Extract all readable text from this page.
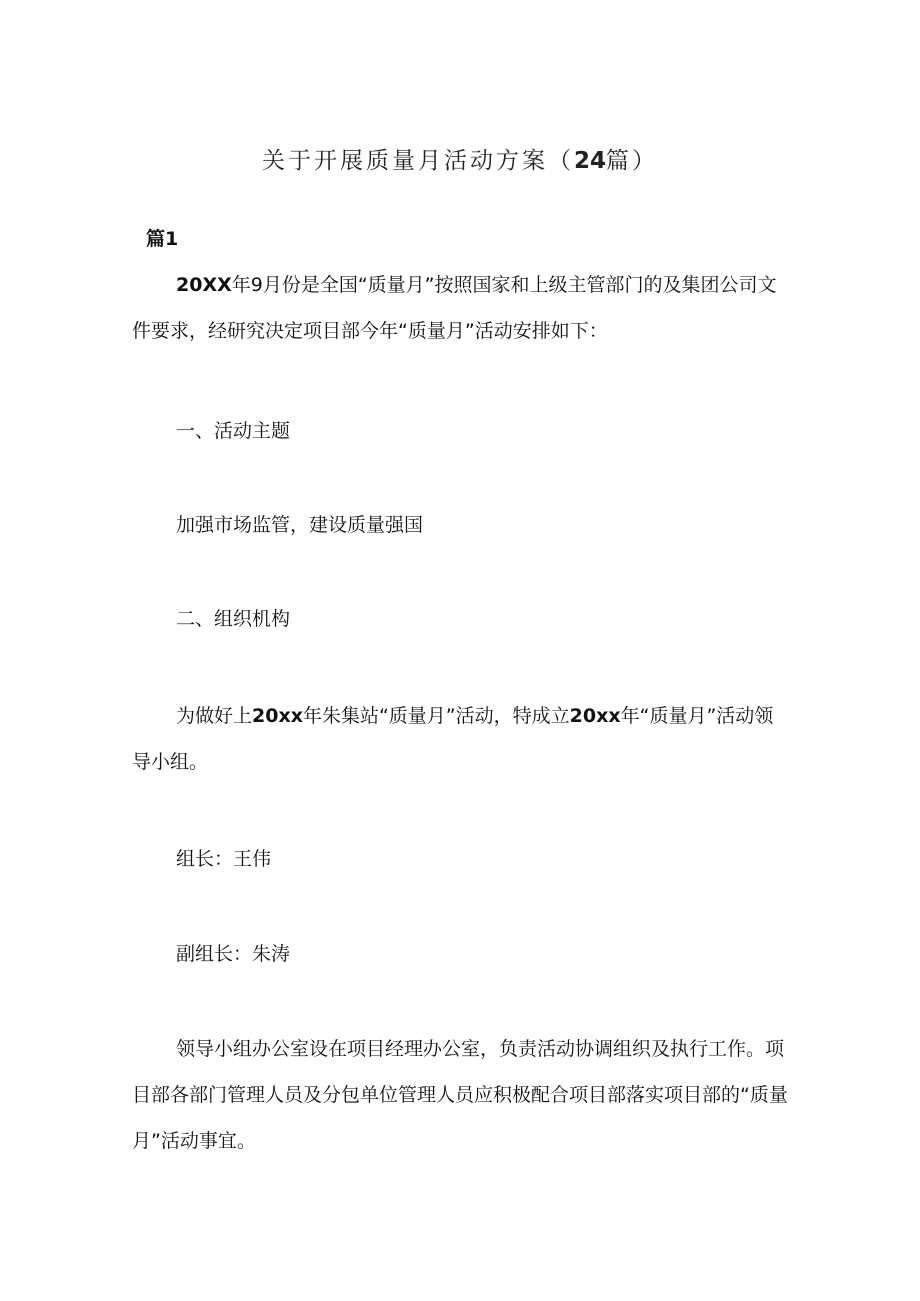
关于开展质量月活动方案（24篇）
篇1

20XX年9月份是全国“质量月”按照国家和上级主管部门的及集团公司文件要求，经研究决定项目部今年“质量月”活动安排如下：

一、活动主题

加强市场监管，建设质量强国

二、组织机构

为做好上20xx年朱集站“质量月”活动，特成立20xx年“质量月”活动领导小组。

组长：王伟

副组长：朱涛

领导小组办公室设在项目经理办公室，负责活动协调组织及执行工作。项目部各部门管理人员及分包单位管理人员应积极配合项目部落实项目部的“质量月”活动事宜。
